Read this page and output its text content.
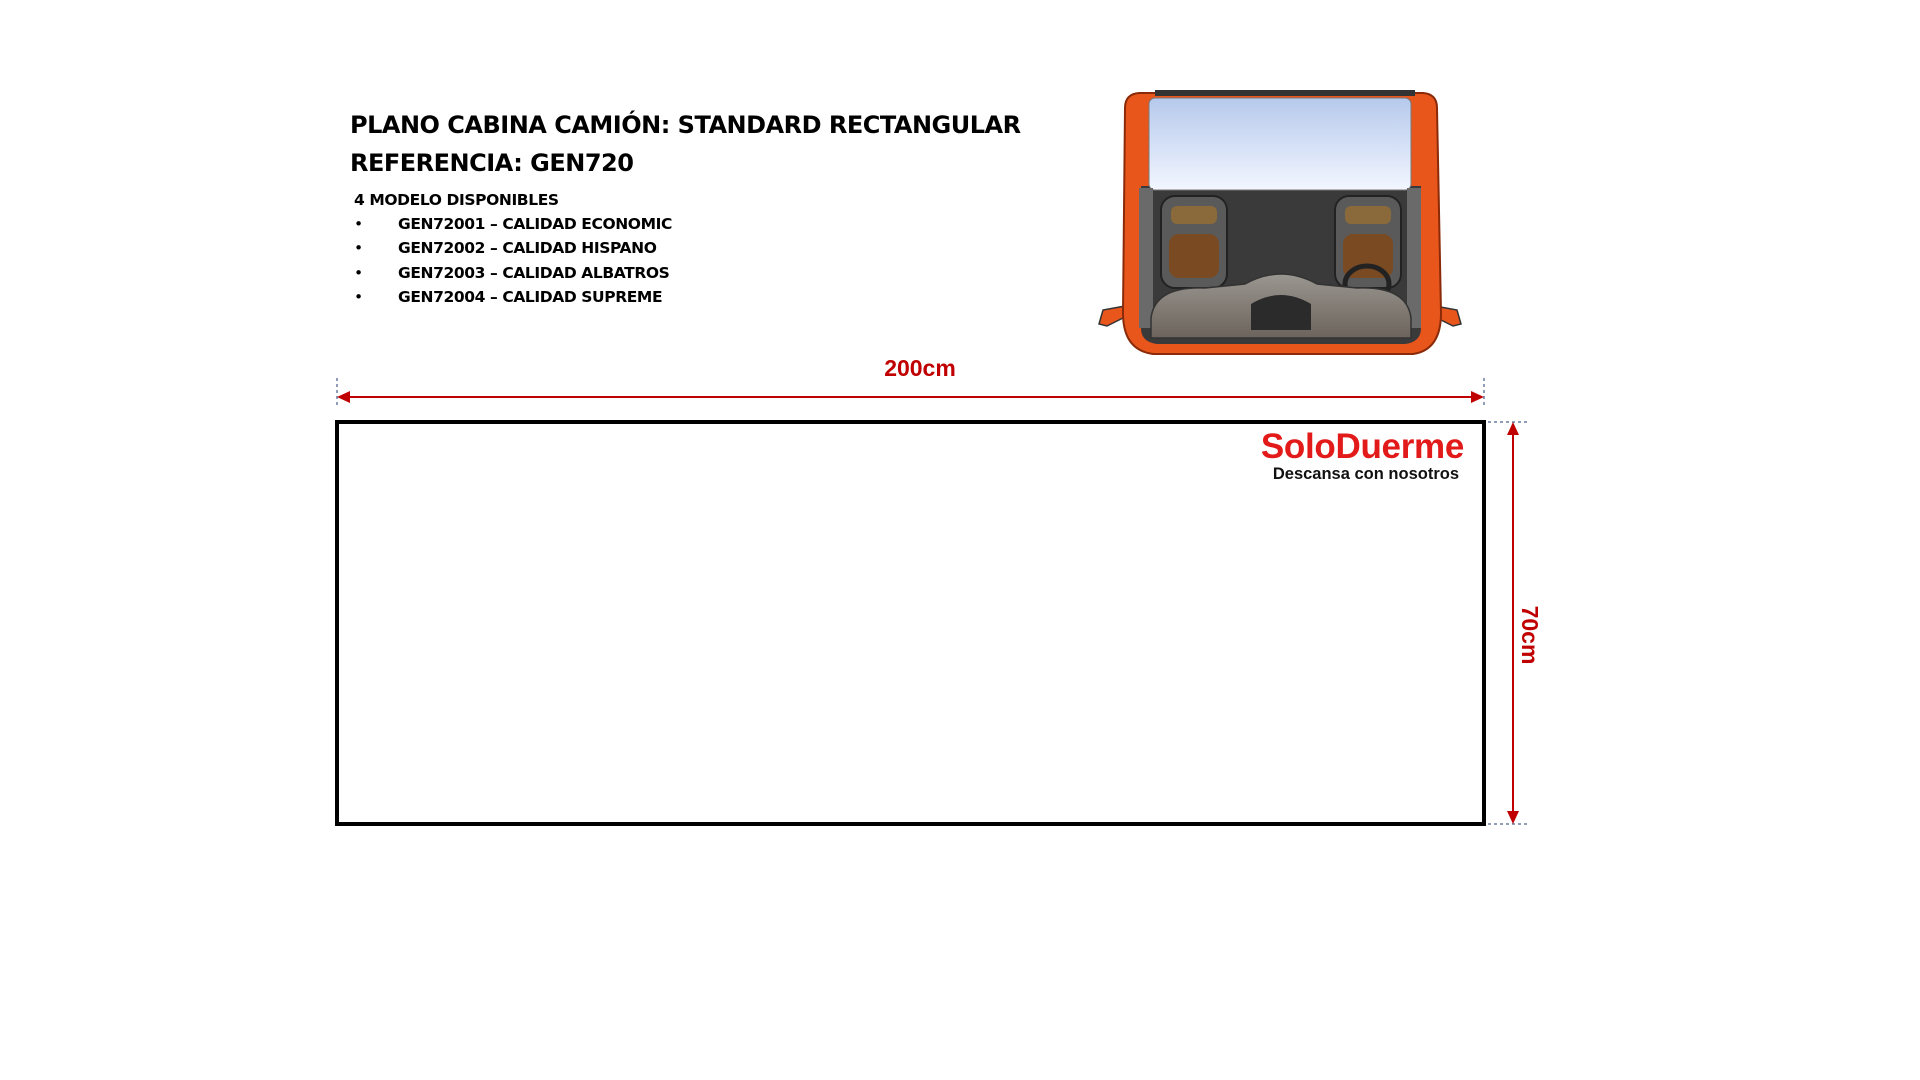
PLANO CABINA CAMIÓN: STANDARD RECTANGULAR
REFERENCIA: GEN720
4 MODELO DISPONIBLES
• GEN72001 – CALIDAD ECONOMIC
• GEN72002 – CALIDAD HISPANO
• GEN72003 – CALIDAD ALBATROS
• GEN72004 – CALIDAD SUPREME
200cm
70cm
SoloDuerme
Descansa con nosotros
